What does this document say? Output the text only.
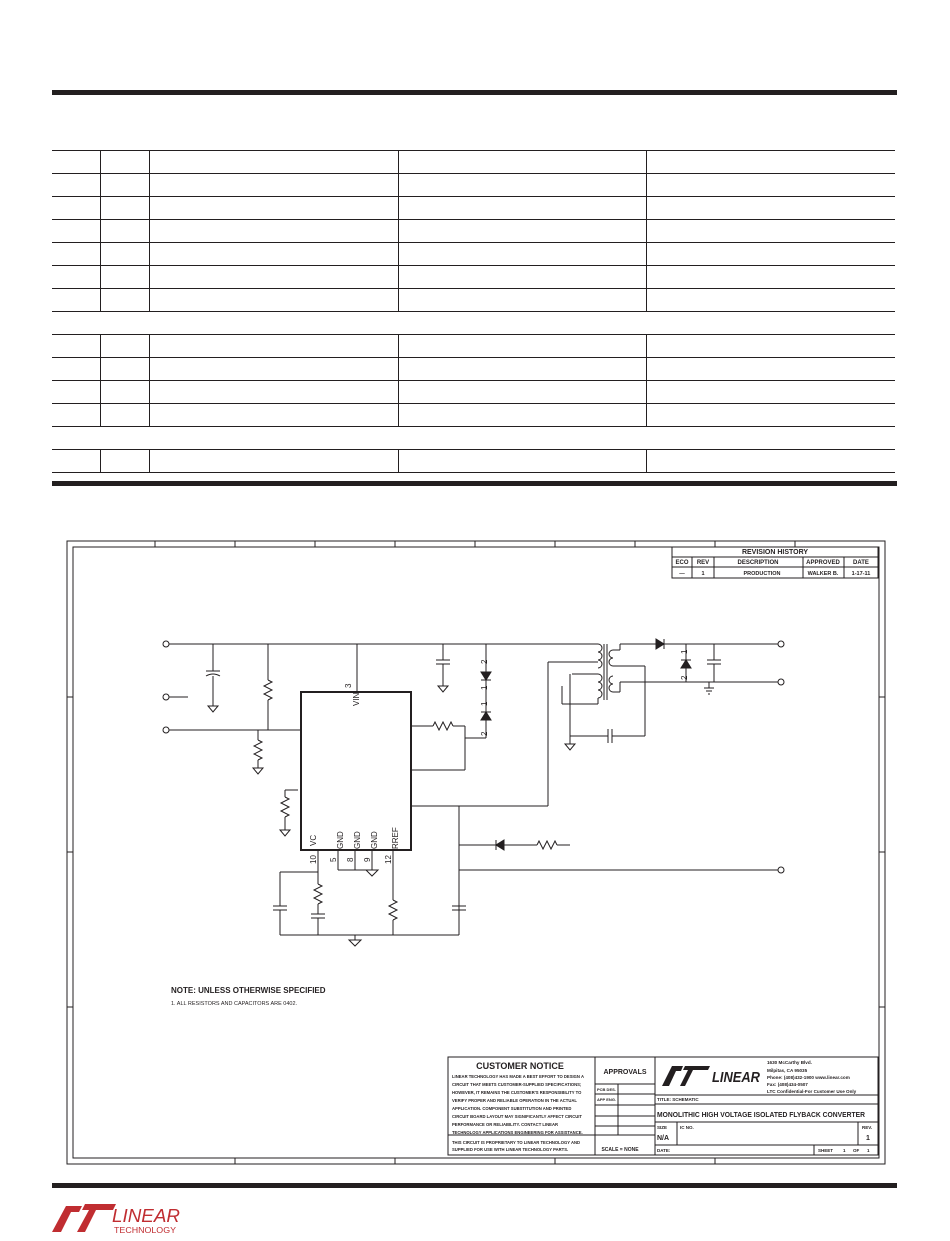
3
VIN
VC
10
GND
5
GND
8
GND
9
RREF
12
2
1
1
2
1
2
REVISION HISTORY
ECO REV	DESCRIPTION	APPROVED DATE
—	1	PRODUCTION	WALKER B. 1-17-11
NOTE: UNLESS OTHERWISE SPECIFIED
1. ALL RESISTORS AND CAPACITORS ARE 0402.
CUSTOMER NOTICE
LINEAR TECHNOLOGY HAS MADE A BEST EFFORT TO DESIGN A
CIRCUIT THAT MEETS CUSTOMER-SUPPLIED SPECIFICATIONS;
HOWEVER, IT REMAINS THE CUSTOMER'S RESPONSIBILITY TO
VERIFY PROPER AND RELIABLE OPERATION IN THE ACTUAL
APPLICATION. COMPONENT SUBSTITUTION AND PRINTED
CIRCUIT BOARD LAYOUT MAY SIGNIFICANTLY AFFECT CIRCUIT
PERFORMANCE OR RELIABILITY. CONTACT LINEAR
TECHNOLOGY APPLICATIONS ENGINEERING FOR ASSISTANCE.
THIS CIRCUIT IS PROPRIETARY TO LINEAR TECHNOLOGY AND
SUPPLIED FOR USE WITH LINEAR TECHNOLOGY PARTS.
APPROVALS
PCB DES.
APP ENG.
SCALE = NONE
LINEAR
1630 McCarthy Blvd.
Milpitas, CA 95035
Phone: (408)432-1900 www.linear.com
Fax: (408)434-0507
LTC Confidential-For Customer Use Only
TITLE: SCHEMATIC
MONOLITHIC HIGH VOLTAGE ISOLATED FLYBACK CONVERTER
SIZE
N/A
IC NO.	REV.
1
DATE:	SHEET 1 OF 1
LINEAR
TECHNOLOGY
